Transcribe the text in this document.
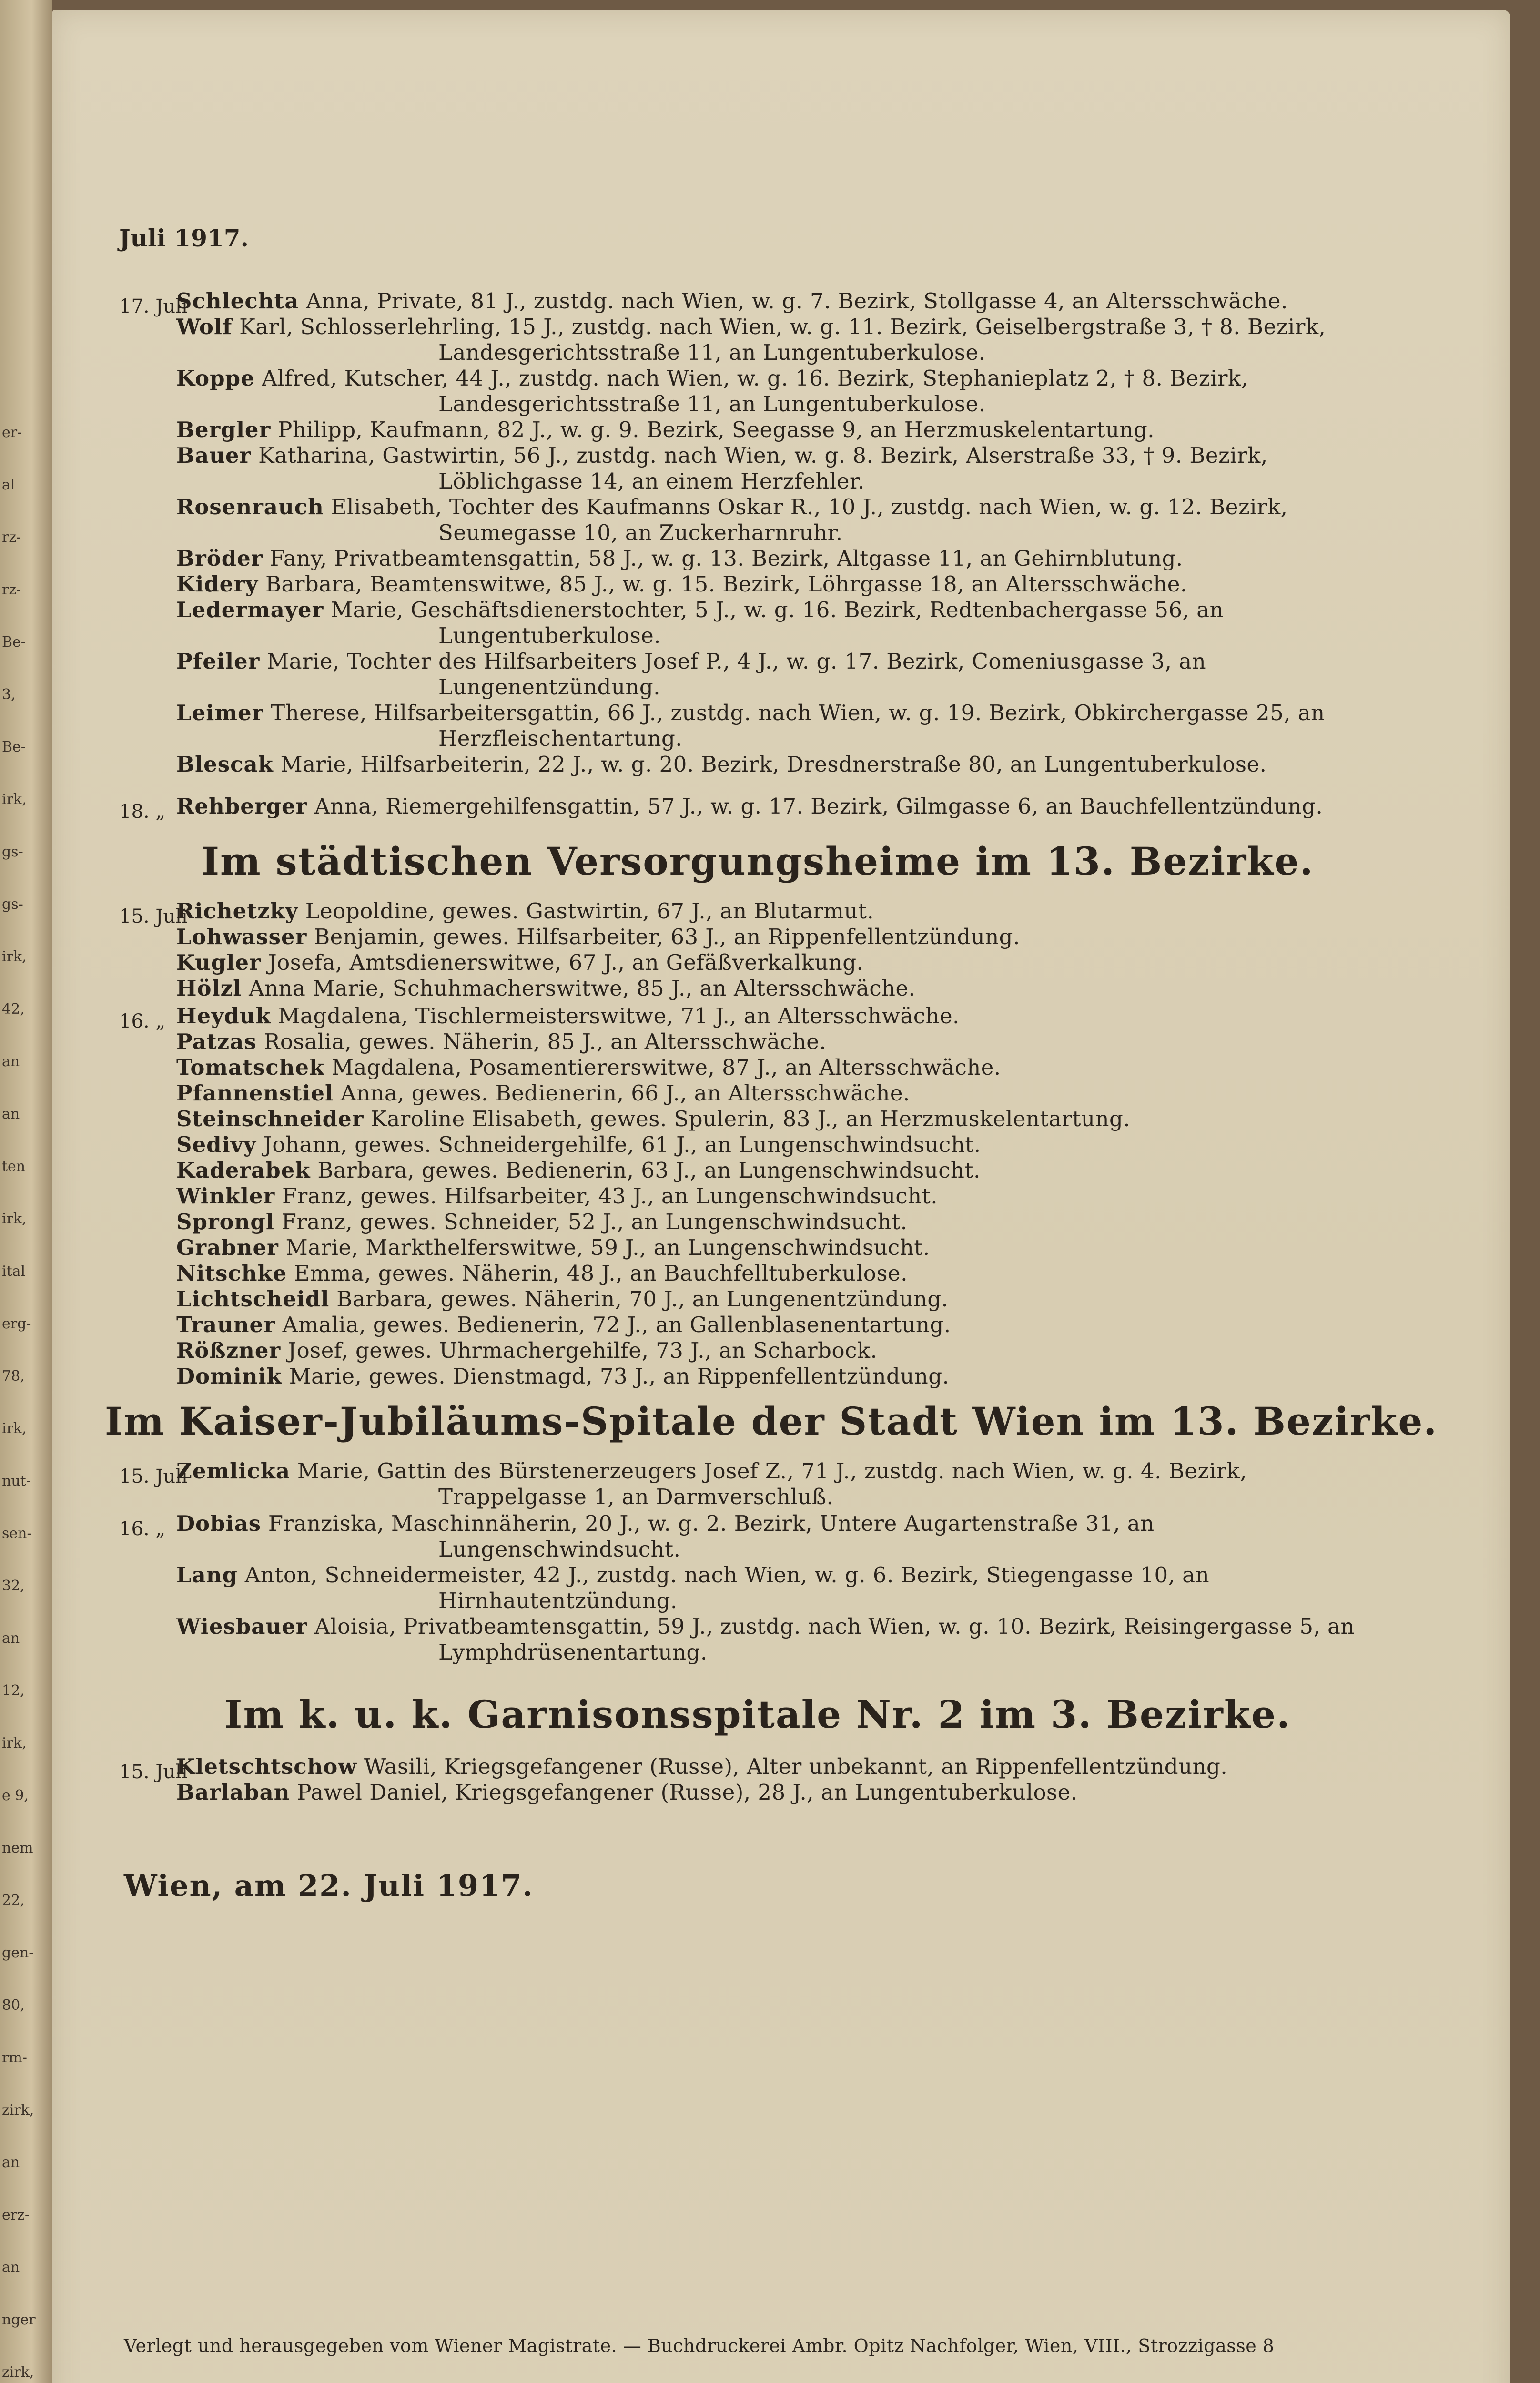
er-
al
rz-
rz-
Be-
3,
Be-
irk,
gs-
gs-
irk,
42,
an
an
ten
irk,
ital
erg-
78,
irk,
nut-
sen-
32,
an
12,
irk,
e 9,
nem
22,
gen-
80,
rm-
zirk,
an
erz-
an
nger
zirk,
Juli 1917.
17. Juli
Schlechta Anna, Private, 81 J., zustdg. nach Wien, w. g. 7. Bezirk, Stollgasse 4, an Altersschwäche.
Wolf Karl, Schlosserlehrling, 15 J., zustdg. nach Wien, w. g. 11. Bezirk, Geiselbergstraße 3, † 8. Bezirk, Landesgerichtsstraße 11, an Lungentuberkulose.
Koppe Alfred, Kutscher, 44 J., zustdg. nach Wien, w. g. 16. Bezirk, Stephanieplatz 2, † 8. Bezirk, Landesgerichtsstraße 11, an Lungentuberkulose.
Bergler Philipp, Kaufmann, 82 J., w. g. 9. Bezirk, Seegasse 9, an Herzmuskelentartung.
Bauer Katharina, Gastwirtin, 56 J., zustdg. nach Wien, w. g. 8. Bezirk, Alserstraße 33, † 9. Bezirk, Löblichgasse 14, an einem Herzfehler.
Rosenrauch Elisabeth, Tochter des Kaufmanns Oskar R., 10 J., zustdg. nach Wien, w. g. 12. Bezirk, Seumegasse 10, an Zuckerharnruhr.
Bröder Fany, Privatbeamtensgattin, 58 J., w. g. 13. Bezirk, Altgasse 11, an Gehirnblutung.
Kidery Barbara, Beamtenswitwe, 85 J., w. g. 15. Bezirk, Löhrgasse 18, an Altersschwäche.
Ledermayer Marie, Geschäftsdienerstochter, 5 J., w. g. 16. Bezirk, Redtenbachergasse 56, an Lungentuberkulose.
Pfeiler Marie, Tochter des Hilfsarbeiters Josef P., 4 J., w. g. 17. Bezirk, Comeniusgasse 3, an Lungenentzündung.
Leimer Therese, Hilfsarbeitersgattin, 66 J., zustdg. nach Wien, w. g. 19. Bezirk, Obkirchergasse 25, an Herzfleischentartung.
Blescak Marie, Hilfsarbeiterin, 22 J., w. g. 20. Bezirk, Dresdnerstraße 80, an Lungentuberkulose.
18. „ Rehberger Anna, Riemergehilfensgattin, 57 J., w. g. 17. Bezirk, Gilmgasse 6, an Bauchfellentzündung.
Im städtischen Versorgungsheime im 13. Bezirke.
15. Juli
Richetzky Leopoldine, gewes. Gastwirtin, 67 J., an Blutarmut.
Lohwasser Benjamin, gewes. Hilfsarbeiter, 63 J., an Rippenfellentzündung.
Kugler Josefa, Amtsdienerswitwe, 67 J., an Gefäßverkalkung.
Hölzl Anna Marie, Schuhmacherswitwe, 85 J., an Altersschwäche.
16. „ Heyduk Magdalena, Tischlermeisterswitwe, 71 J., an Altersschwäche.
Patzas Rosalia, gewes. Näherin, 85 J., an Altersschwäche.
Tomatschek Magdalena, Posamentiererswitwe, 87 J., an Altersschwäche.
Pfannenstiel Anna, gewes. Bedienerin, 66 J., an Altersschwäche.
Steinschneider Karoline Elisabeth, gewes. Spulerin, 83 J., an Herzmuskelentartung.
Sedivy Johann, gewes. Schneidergehilfe, 61 J., an Lungenschwindsucht.
Kaderabek Barbara, gewes. Bedienerin, 63 J., an Lungenschwindsucht.
Winkler Franz, gewes. Hilfsarbeiter, 43 J., an Lungenschwindsucht.
Sprongl Franz, gewes. Schneider, 52 J., an Lungenschwindsucht.
Grabner Marie, Markthelferswitwe, 59 J., an Lungenschwindsucht.
Nitschke Emma, gewes. Näherin, 48 J., an Bauchfelltuberkulose.
Lichtscheidl Barbara, gewes. Näherin, 70 J., an Lungenentzündung.
Trauner Amalia, gewes. Bedienerin, 72 J., an Gallenblasenentartung.
Rößzner Josef, gewes. Uhrmachergehilfe, 73 J., an Scharbock.
Dominik Marie, gewes. Dienstmagd, 73 J., an Rippenfellentzündung.
Im Kaiser-Jubiläums-Spitale der Stadt Wien im 13. Bezirke.
15. Juli
Zemlicka Marie, Gattin des Bürstenerzeugers Josef Z., 71 J., zustdg. nach Wien, w. g. 4. Bezirk, Trappelgasse 1, an Darmverschluß.
16. „ Dobias Franziska, Maschinnäherin, 20 J., w. g. 2. Bezirk, Untere Augartenstraße 31, an Lungenschwindsucht.
Lang Anton, Schneidermeister, 42 J., zustdg. nach Wien, w. g. 6. Bezirk, Stiegengasse 10, an Hirnhautentzündung.
Wiesbauer Aloisia, Privatbeamtensgattin, 59 J., zustdg. nach Wien, w. g. 10. Bezirk, Reisingergasse 5, an Lymphdrüsenentartung.
Im k. u. k. Garnisonsspitale Nr. 2 im 3. Bezirke.
15. Juli
Kletschtschow Wasili, Kriegsgefangener (Russe), Alter unbekannt, an Rippenfellentzündung.
Barlaban Pawel Daniel, Kriegsgefangener (Russe), 28 J., an Lungentuberkulose.
Wien, am 22. Juli 1917.
Verlegt und herausgegeben vom Wiener Magistrate. — Buchdruckerei Ambr. Opitz Nachfolger, Wien, VIII., Strozzigasse 8
